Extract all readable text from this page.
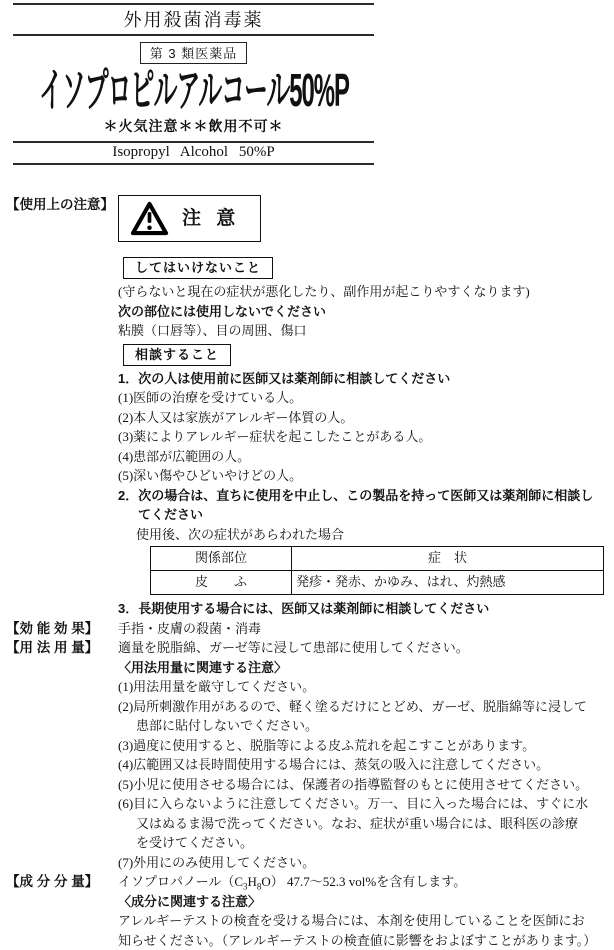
外用殺菌消毒薬
第 3 類医薬品
イソプロピルアルコール50%P
＊火気注意＊＊飲用不可＊
Isopropyl Alcohol 50%P
【使用上の注意】
注 意
してはいけないこと
(守らないと現在の症状が悪化したり、副作用が起こりやすくなります)
次の部位には使用しないでください
粘膜（口唇等）、目の周囲、傷口
相談すること
1．次の人は使用前に医師又は薬剤師に相談してください
(1)医師の治療を受けている人。
(2)本人又は家族がアレルギー体質の人。
(3)薬によりアレルギー症状を起こしたことがある人。
(4)患部が広範囲の人。
(5)深い傷やひどいやけどの人。
2．次の場合は、直ちに使用を中止し、この製品を持って医師又は薬剤師に相談してください
使用後、次の症状があらわれた場合
関係部位	症　状
皮　　ふ	発疹・発赤、かゆみ、はれ、灼熱感
3．長期使用する場合には、医師又は薬剤師に相談してください
【効 能 効 果】	手指・皮膚の殺菌・消毒
【用 法 用 量】	適量を脱脂綿、ガーゼ等に浸して患部に使用してください。
〈用法用量に関連する注意〉
(1)用法用量を厳守してください。
(2)局所刺激作用があるので、軽く塗るだけにとどめ、ガーゼ、脱脂綿等に浸して患部に貼付しないでください。
(3)過度に使用すると、脱脂等による皮ふ荒れを起こすことがあります。
(4)広範囲又は長時間使用する場合には、蒸気の吸入に注意してください。
(5)小児に使用させる場合には、保護者の指導監督のもとに使用させてください。
(6)目に入らないように注意してください。万一、目に入った場合には、すぐに水又はぬるま湯で洗ってください。なお、症状が重い場合には、眼科医の診療を受けてください。
(7)外用にのみ使用してください。
【成 分 分 量】	イソプロパノール$(C_3H_8O)$ 47.7～52.3 vol%を含有します。
〈成分に関連する注意〉
アレルギーテストの検査を受ける場合には、本剤を使用していることを医師にお知らせください。（アレルギーテストの検査値に影響をおよぼすことがあります。）
